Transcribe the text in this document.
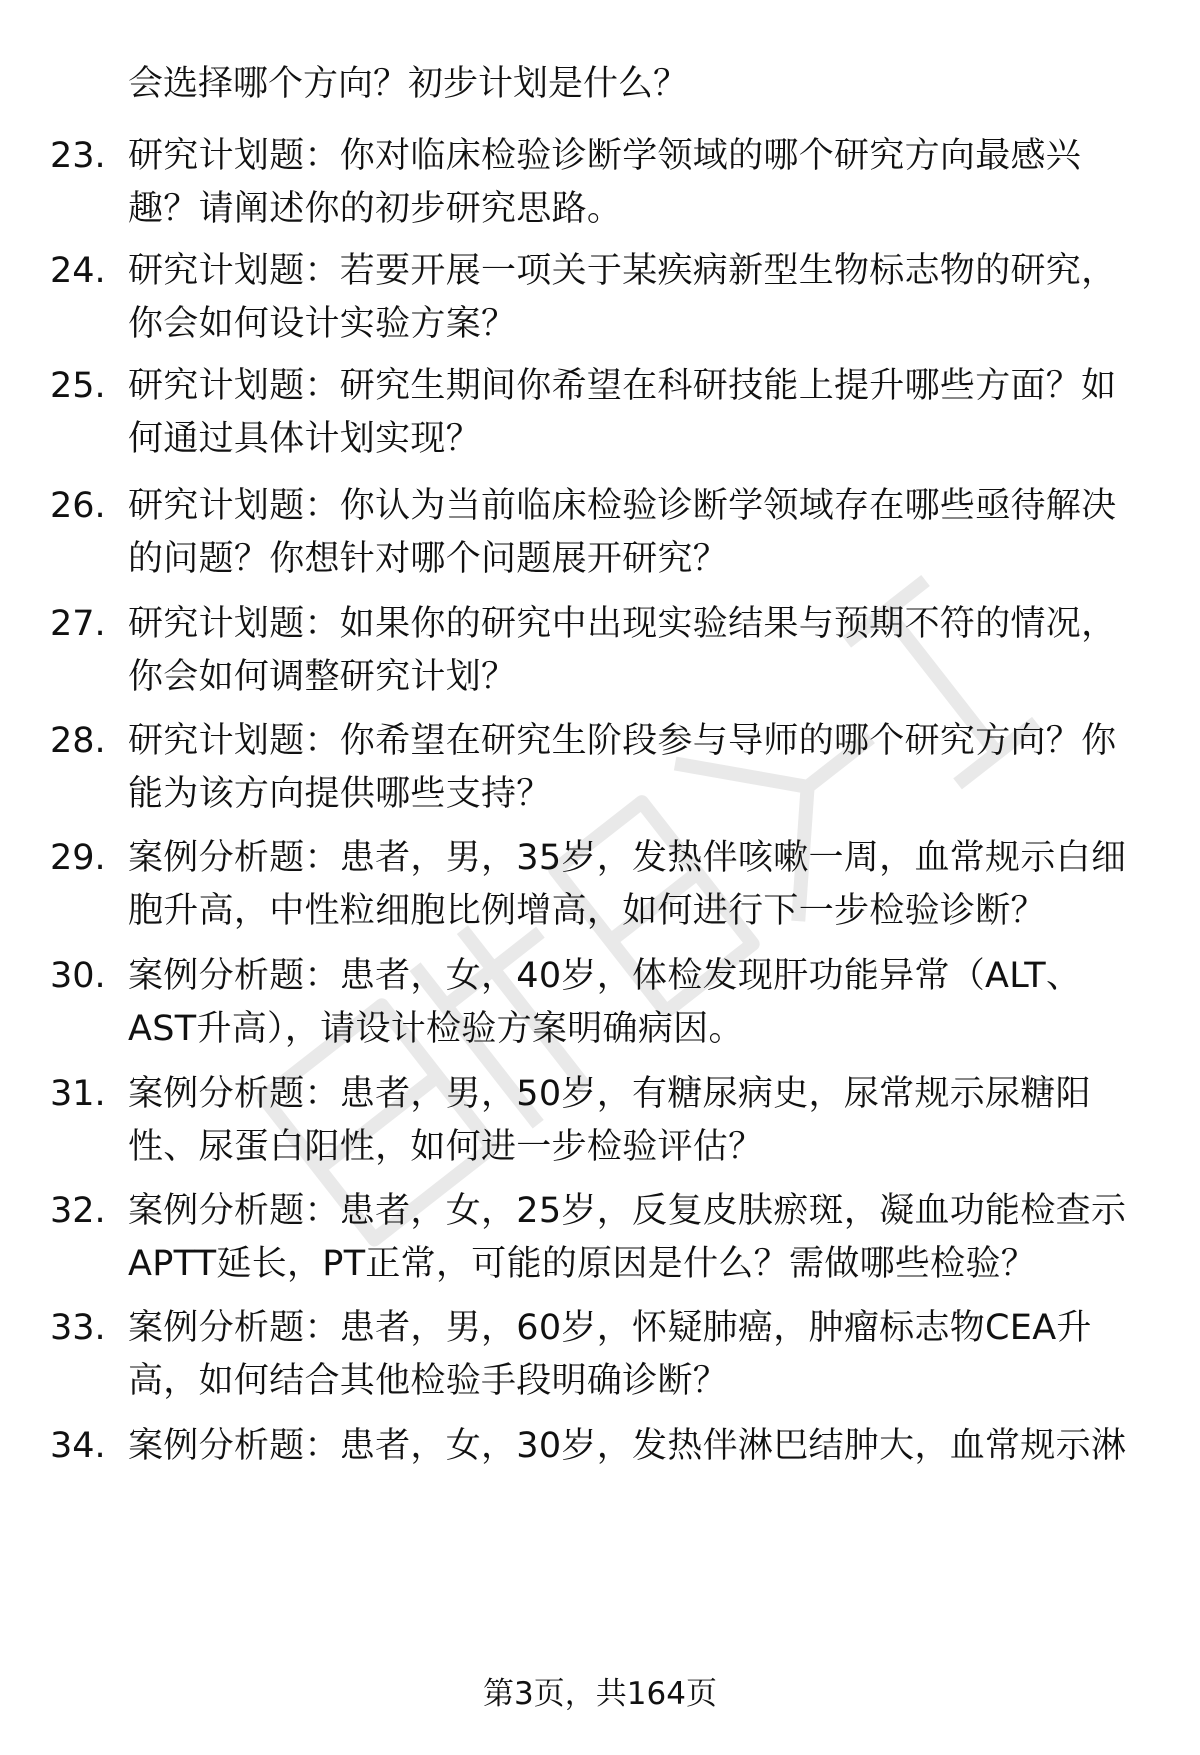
会选择哪个方向？初步计划是什么？
23. 研究计划题：你对临床检验诊断学领域的哪个研究方向最感兴
趣？请阐述你的初步研究思路。
24. 研究计划题：若要开展一项关于某疾病新型生物标志物的研究，
你会如何设计实验方案？
25. 研究计划题：研究生期间你希望在科研技能上提升哪些方面？如
何通过具体计划实现？
26. 研究计划题：你认为当前临床检验诊断学领域存在哪些亟待解决
的问题？你想针对哪个问题展开研究？
27. 研究计划题：如果你的研究中出现实验结果与预期不符的情况，
你会如何调整研究计划？
28. 研究计划题：你希望在研究生阶段参与导师的哪个研究方向？你
能为该方向提供哪些支持？
29. 案例分析题：患者，男，35岁，发热伴咳嗽一周，血常规示白细
胞升高，中性粒细胞比例增高，如何进行下一步检验诊断？
30. 案例分析题：患者，女，40岁，体检发现肝功能异常（ALT、
AST升高），请设计检验方案明确病因。
31. 案例分析题：患者，男，50岁，有糖尿病史，尿常规示尿糖阳
性、尿蛋白阳性，如何进一步检验评估？
32. 案例分析题：患者，女，25岁，反复皮肤瘀斑，凝血功能检查示
APTT延长，PT正常，可能的原因是什么？需做哪些检验？
33. 案例分析题：患者，男，60岁，怀疑肺癌，肿瘤标志物CEA升
高，如何结合其他检验手段明确诊断？
34. 案例分析题：患者，女，30岁，发热伴淋巴结肿大，血常规示淋
第3页，共164页
